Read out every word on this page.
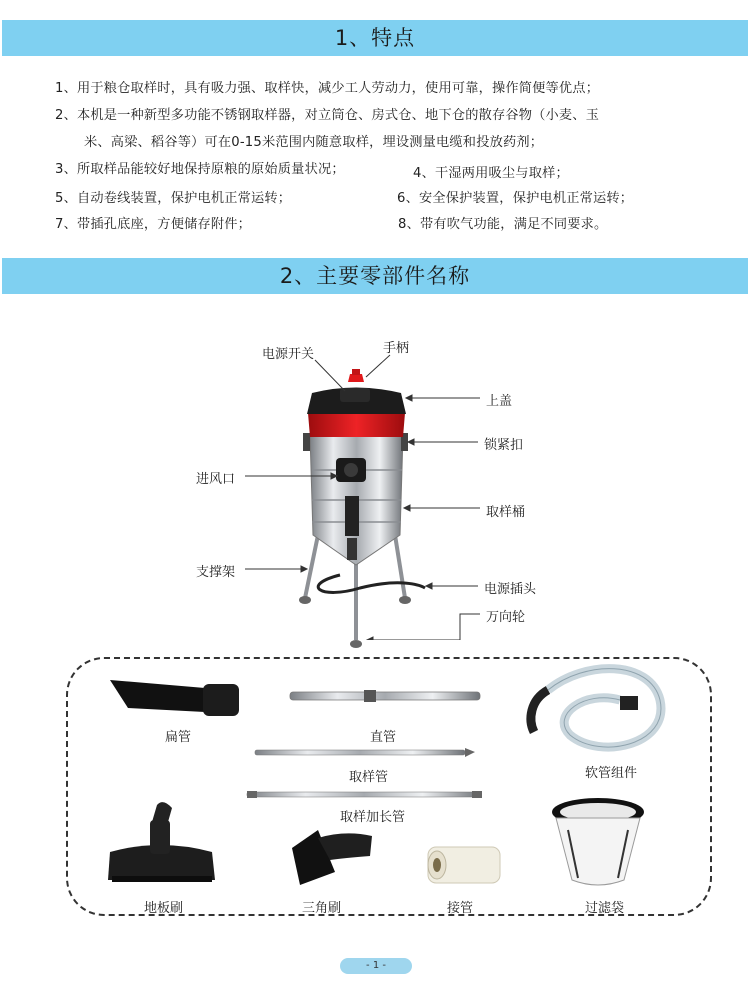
1、特点
1、用于粮仓取样时，具有吸力强、取样快，减少工人劳动力，使用可靠，操作简便等优点；
2、本机是一种新型多功能不锈钢取样器，对立筒仓、房式仓、地下仓的散存谷物（小麦、玉
米、高梁、稻谷等）可在0-15米范围内随意取样，埋设测量电缆和投放药剂；
3、所取样品能较好地保持原粮的原始质量状况；	4、干湿两用吸尘与取样；
5、自动卷线装置，保护电机正常运转；	6、安全保护装置，保护电机正常运转；
7、带插孔底座，方便储存附件；	8、带有吹气功能，满足不同要求。
2、主要零部件名称
电源开关	手柄
上盖
锁紧扣
进风口
取样桶
支撑架
电源插头
万向轮
扁管	直管
软管组件
取样管
取样加长管
地板刷	三角刷	接管	过滤袋
- 1 -
